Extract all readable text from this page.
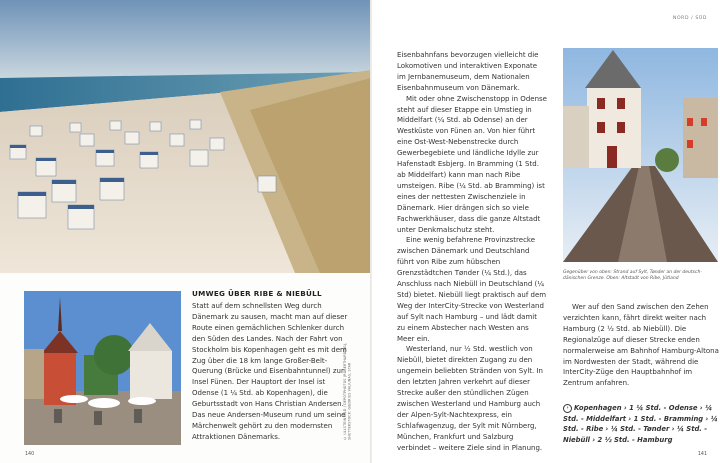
© ULLSTEIN BILD / DEPOTPHOTOS (ROBERTHARDING), SHUTTERSTOCK: GIEDRIUS VALIUNAS, STAR
UMWEG ÜBER RIBE & NIEBÜLL

Statt auf dem schnellsten Weg durch Dänemark zu sausen, macht man auf dieser Route einen gemächlichen Schlenker durch den Süden des Landes. Nach der Fahrt von Stockholm bis Kopenhagen geht es mit dem Zug über die 18 km lange Großer-Belt-Querung (Brücke und Eisenbahntunnel) zur Insel Fünen. Der Hauptort der Insel ist Odense (1 ¼ Std. ab Kopenhagen), die Geburtsstadt von Hans Christian Andersen. Das neue Andersen-Museum rund um seine Märchenwelt gehört zu den modernsten Attraktionen Dänemarks.

140
NORD / SÜD

Eisenbahnfans bevorzugen vielleicht die Lokomotiven und interaktiven Exponate im Jernbanemuseum, dem Nationalen Eisenbahnmuseum von Dänemark.

Mit oder ohne Zwischenstopp in Odense steht auf dieser Etappe ein Umstieg in Middelfart (¼ Std. ab Odense) an der Westküste von Fünen an. Von hier führt eine Ost-West-Nebenstrecke durch Gewerbegebiete und ländliche Idylle zur Hafenstadt Esbjerg. In Bramming (1 Std. ab Middelfart) kann man nach Ribe umsteigen. Ribe (¼ Std. ab Bramming) ist eines der nettesten Zwischenziele in Dänemark. Hier drängen sich so viele Fachwerkhäuser, dass die ganze Altstadt unter Denkmalschutz steht.

Eine wenig befahrene Provinzstrecke zwischen Dänemark und Deutschland führt von Ribe zum hübschen Grenzstädtchen Tønder (¼ Std.), das Anschluss nach Niebüll in Deutschland (¼ Std) bietet. Niebüll liegt praktisch auf dem Weg der InterCity-Strecke von Westerland auf Sylt nach Hamburg – und lädt damit zu einem Abstecher nach Westen ans Meer ein.

Westerland, nur ½ Std. westlich von Niebüll, bietet direkten Zugang zu den ungemein beliebten Stränden von Sylt. In den letzten Jahren verkehrt auf dieser Strecke außer den stündlichen Zügen zwischen Westerland und Hamburg auch der Alpen-Sylt-Nachtexpress, ein Schlafwagenzug, der Sylt mit Nürnberg, München, Frankfurt und Salzburg verbindet – weitere Ziele sind in Planung.

Gegenüber von oben: Strand auf Sylt, Tønder an der deutsch-dänischen Grenze. Oben: Altstadt von Ribe, Jütland

Wer auf den Sand zwischen den Zehen verzichten kann, fährt direkt weiter nach Hamburg (2 ½ Std. ab Niebüll). Die Regionalzüge auf dieser Strecke enden normalerweise am Bahnhof Hamburg-Altona im Nordwesten der Stadt, während die InterCity-Züge den Hauptbahnhof im Zentrum anfahren.

› Kopenhagen › 1 ¼ Std. - Odense › ¼ Std. - Middelfart › 1 Std. - Bramming › ¼ Std. - Ribe › ¼ Std. - Tønder › ¼ Std. - Niebüll › 2 ½ Std. - Hamburg
141
